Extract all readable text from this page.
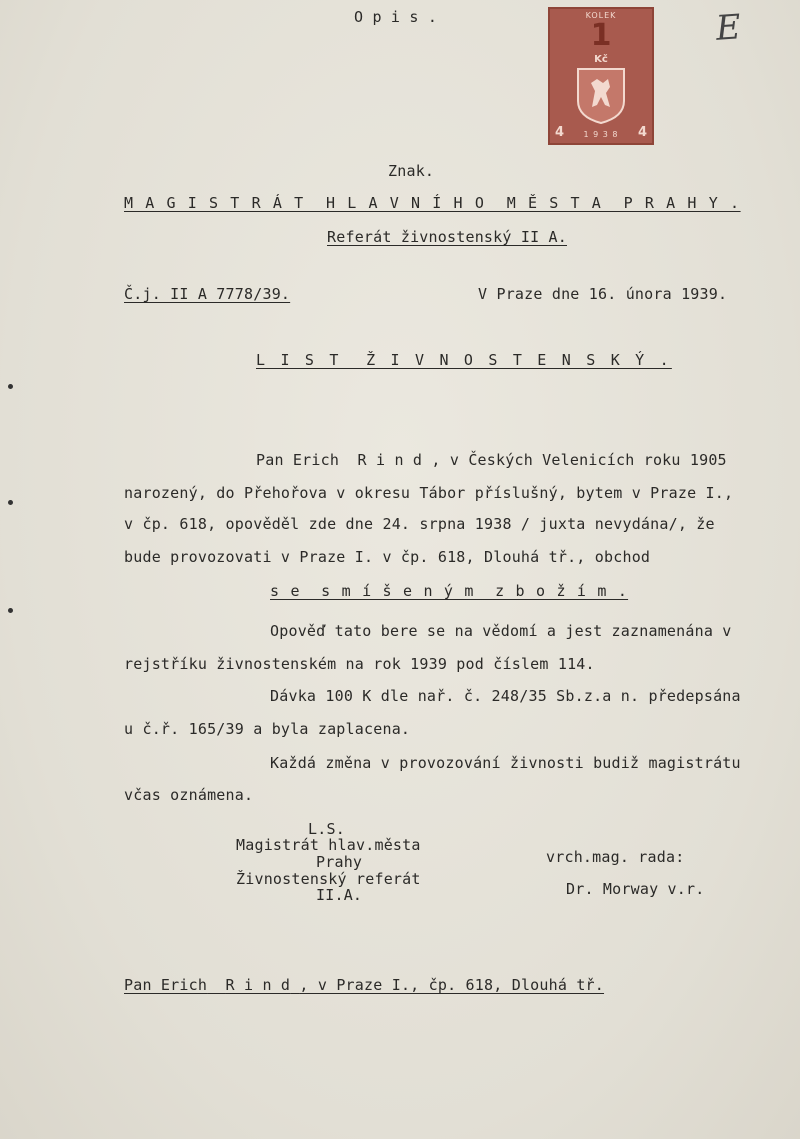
O p i s .	E
KOLEK
1
Kč
4	4
1 9 3 8
Znak.
M A G I S T R Á T  H L A V N Í H O  M Ě S T A  P R A H Y .
Referát živnostenský II A.
Č.j. II A 7778/39.	V Praze dne 16. února 1939.
L I S T  Ž I V N O S T E N S K Ý .
Pan Erich R i n d , v Českých Velenicích roku 1905
narozený, do Přehořova v okresu Tábor příslušný, bytem v Praze I.,
v čp. 618, opověděl zde dne 24. srpna 1938 / juxta nevydána/, že
bude provozovati v Praze I. v čp. 618, Dlouhá tř., obchod
s e  s m í š e n ý m  z b o ž í m .
Opověď tato bere se na vědomí a jest zaznamenána v
rejstříku živnostenském na rok 1939 pod číslem 114.
Dávka 100 K dle nař. č. 248/35 Sb.z.a n. předepsána
u č.ř. 165/39 a byla zaplacena.
Každá změna v provozování živnosti budiž magistrátu
včas oznámena.
L.S.
Magistrát hlav.města
Prahy
Živnostenský referát
II.A.
vrch.mag. rada:
Dr. Morway v.r.
Pan Erich R i n d , v Praze I., čp. 618, Dlouhá tř.
